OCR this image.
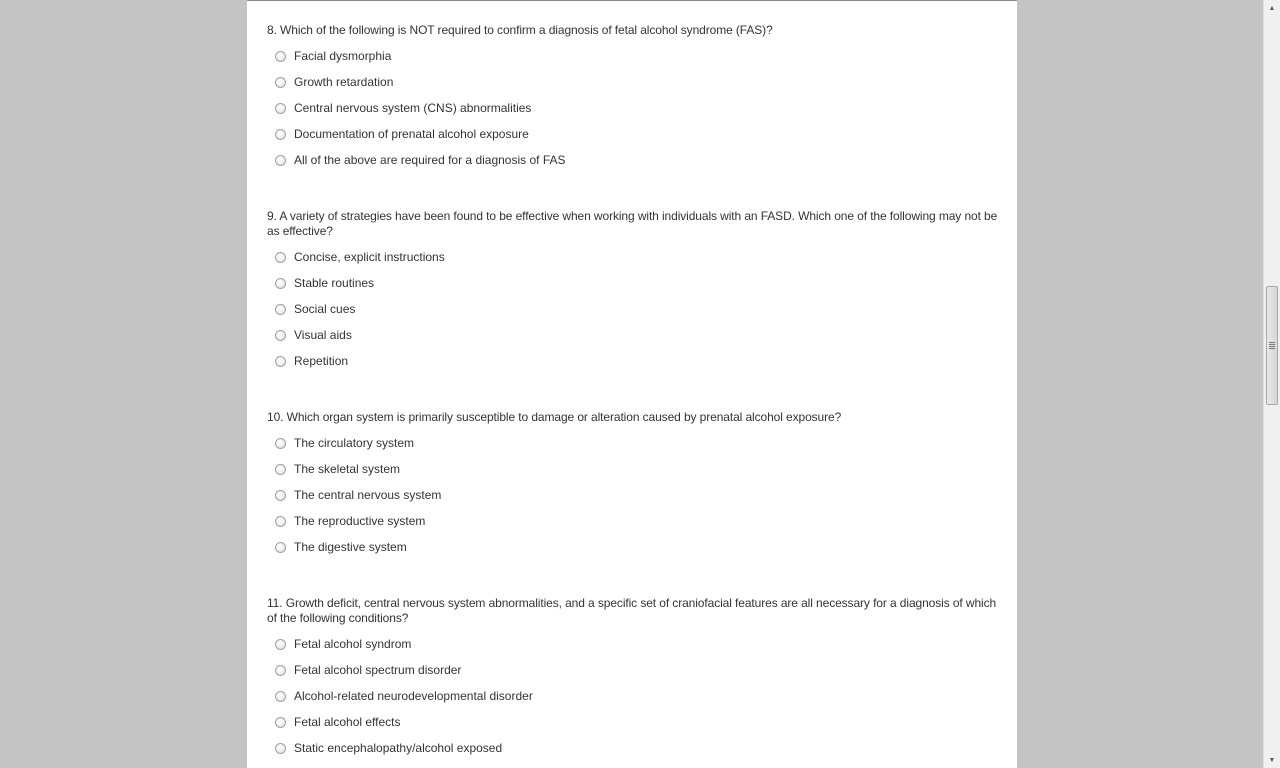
8. Which of the following is NOT required to confirm a diagnosis of fetal alcohol syndrome (FAS)?

Facial dysmorphia
Growth retardation
Central nervous system (CNS) abnormalities
Documentation of prenatal alcohol exposure
All of the above are required for a diagnosis of FAS

9. A variety of strategies have been found to be effective when working with individuals with an FASD. Which one of the following may not be as effective?

Concise, explicit instructions
Stable routines
Social cues
Visual aids
Repetition

10. Which organ system is primarily susceptible to damage or alteration caused by prenatal alcohol exposure?

The circulatory system
The skeletal system
The central nervous system
The reproductive system
The digestive system

11. Growth deficit, central nervous system abnormalities, and a specific set of craniofacial features are all necessary for a diagnosis of which of the following conditions?

Fetal alcohol syndrom
Fetal alcohol spectrum disorder
Alcohol-related neurodevelopmental disorder
Fetal alcohol effects
Static encephalopathy/alcohol exposed
▲
▼
